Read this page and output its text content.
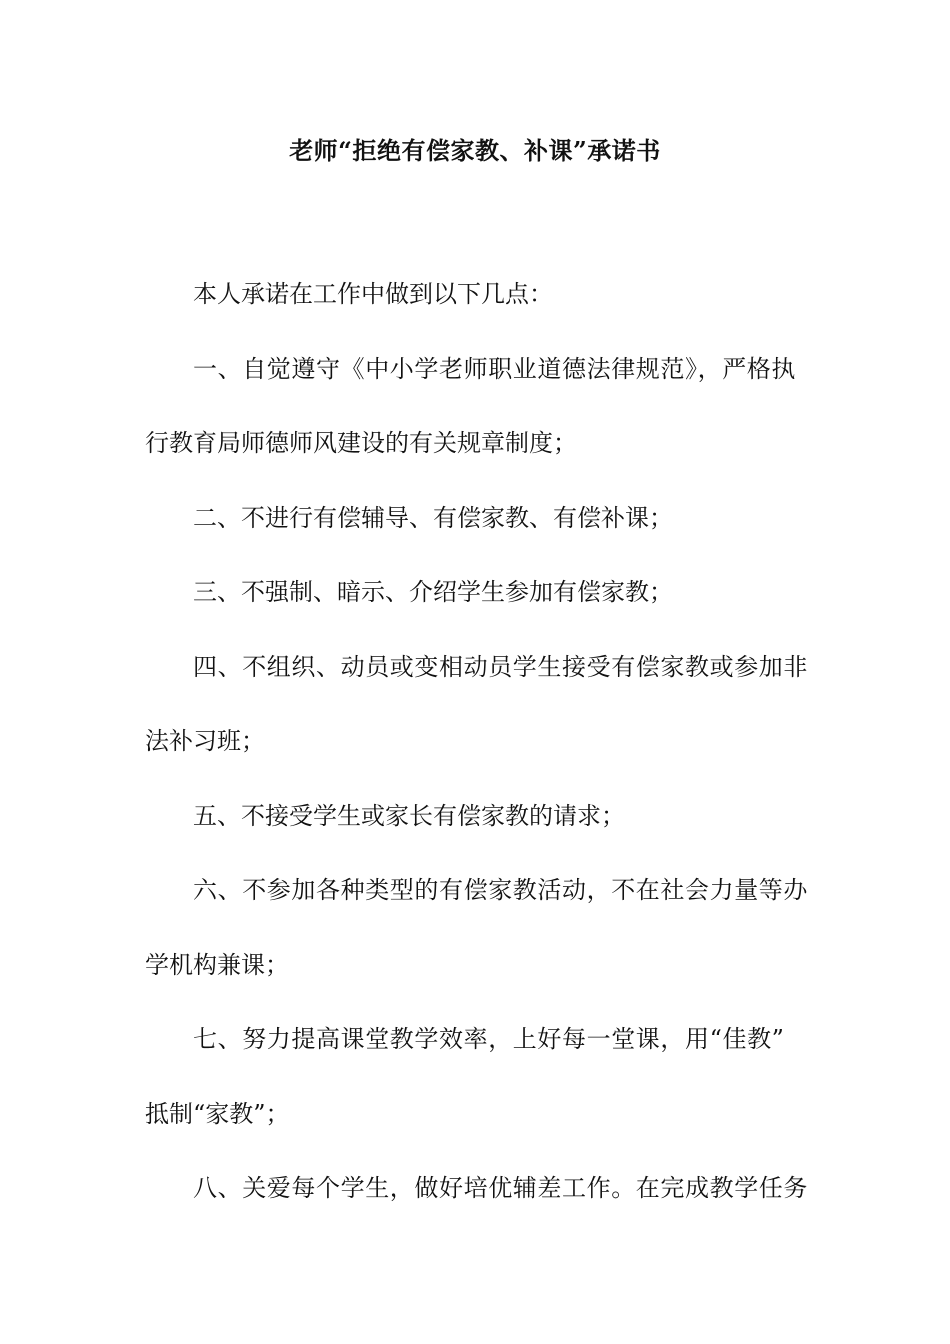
老师“拒绝有偿家教、补课”承诺书
本人承诺在工作中做到以下几点：
一、自觉遵守《中小学老师职业道德法律规范》，严格执
行教育局师德师风建设的有关规章制度；
二、不进行有偿辅导、有偿家教、有偿补课；
三、不强制、暗示、介绍学生参加有偿家教；
四、不组织、动员或变相动员学生接受有偿家教或参加非
法补习班；
五、不接受学生或家长有偿家教的请求；
六、不参加各种类型的有偿家教活动，不在社会力量等办
学机构兼课；
七、努力提高课堂教学效率，上好每一堂课，用“佳教”
抵制“家教”；
八、关爱每个学生，做好培优辅差工作。在完成教学任务
